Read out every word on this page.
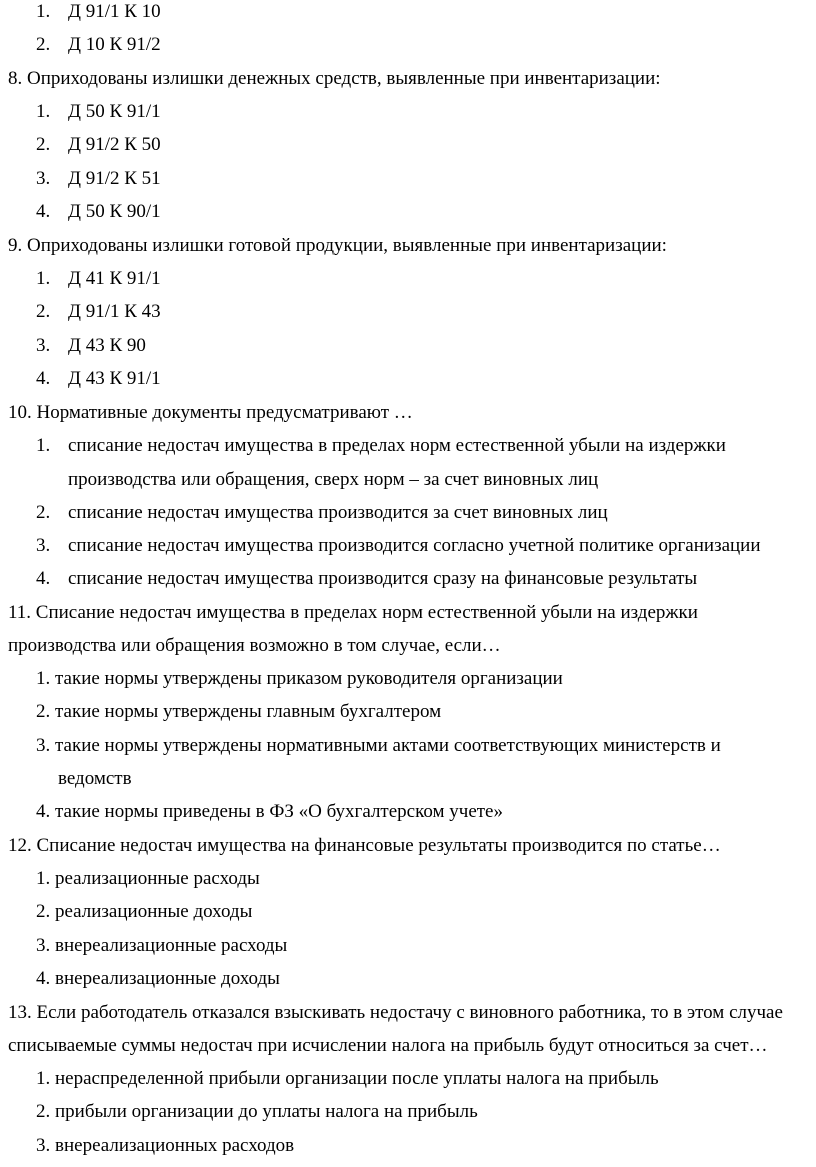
1. Д 91/1 К 10
2. Д 10 К 91/2
8. Оприходованы излишки денежных средств, выявленные при инвентаризации:
1. Д 50 К 91/1
2. Д 91/2 К 50
3. Д 91/2 К 51
4. Д 50 К 90/1
9. Оприходованы излишки готовой продукции, выявленные при инвентаризации:
1. Д 41 К 91/1
2. Д 91/1 К 43
3. Д 43 К 90
4. Д 43 К 91/1
10. Нормативные документы предусматривают …
1. списание недостач имущества в пределах норм естественной убыли на издержки
производства или обращения, сверх норм – за счет виновных лиц
2. списание недостач имущества производится за счет виновных лиц
3. списание недостач имущества производится согласно учетной политике организации
4. списание недостач имущества производится сразу на финансовые результаты
11. Списание недостач имущества в пределах норм естественной убыли на издержки
производства или обращения возможно в том случае, если…
1. такие нормы утверждены приказом руководителя организации
2. такие нормы утверждены главным бухгалтером
3. такие нормы утверждены нормативными актами соответствующих министерств и
ведомств
4. такие нормы приведены в ФЗ «О бухгалтерском учете»
12. Списание недостач имущества на финансовые результаты производится по статье…
1. реализационные расходы
2. реализационные доходы
3. внереализационные расходы
4. внереализационные доходы
13. Если работодатель отказался взыскивать недостачу с виновного работника, то в этом случае
списываемые суммы недостач при исчислении налога на прибыль будут относиться за счет…
1. нераспределенной прибыли организации после уплаты налога на прибыль
2. прибыли организации до уплаты налога на прибыль
3. внереализационных расходов
